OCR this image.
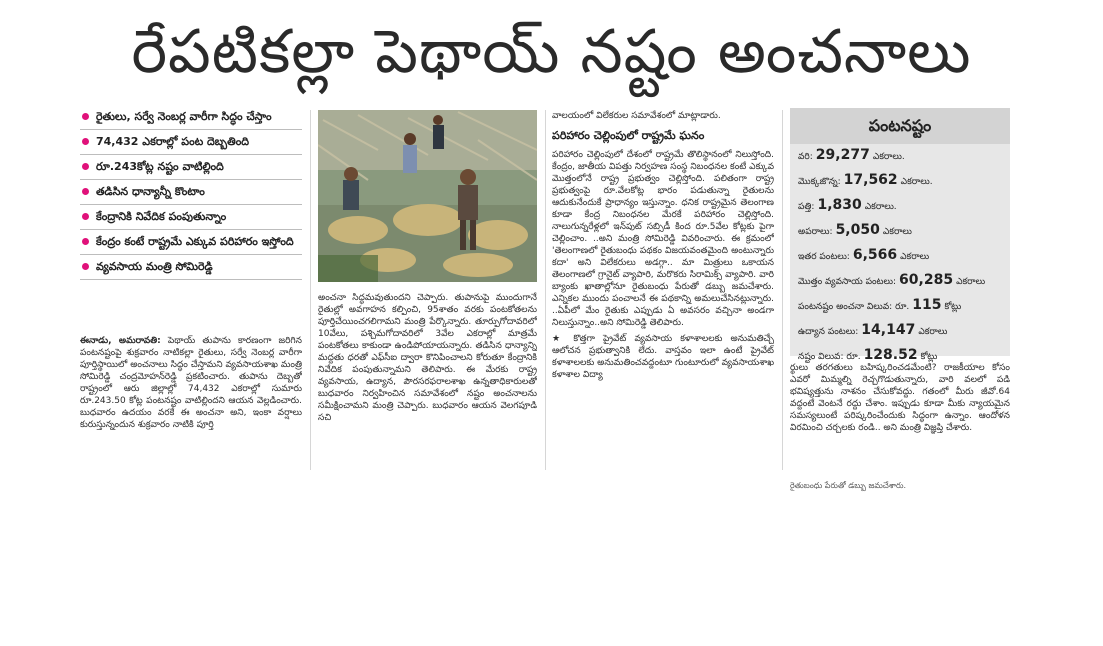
రేపటికల్లా పెథాయ్ నష్టం అంచనాలు
రైతులు, సర్వే నెంబర్ల వారీగా సిద్ధం చేస్తాం
74,432 ఎకరాల్లో పంట దెబ్బతింది
రూ.243కోట్ల నష్టం వాటిల్లింది
తడిసిన ధాన్యాన్నీ కొంటాం
కేంద్రానికి నివేదిక పంపుతున్నాం
కేంద్రం కంటే రాష్ట్రమే ఎక్కువ పరిహారం ఇస్తోంది
వ్యవసాయ మంత్రి సోమిరెడ్డి
ఈనాడు, అమరావతి: పెథాయ్ తుపాను కారణంగా జరిగిన పంటనష్టంపై శుక్రవారం నాటికల్లా రైతులు, సర్వే నెంబర్ల వారీగా పూర్తిస్థాయిలో అంచనాలు సిద్ధం చేస్తామని వ్యవసాయశాఖ మంత్రి సోమిరెడ్డి చంద్రమోహన్‌రెడ్డి ప్రకటించారు. తుపాను దెబ్బతో రాష్ట్రంలో ఆరు జిల్లాల్లో 74,432 ఎకరాల్లో సుమారు రూ.243.50 కోట్ల పంటనష్టం వాటిల్లిందని ఆయన వెల్లడించారు. బుధవారం ఉదయం వరకే ఈ అంచనా అని, ఇంకా వర్షాలు కురుస్తున్నందున శుక్రవారం నాటికి పూర్తి
అంచనా సిద్ధమవుతుందని చెప్పారు. తుపానుపై ముందుగానే రైతుల్లో అవగాహన కల్పించి, 95శాతం వరకు పంటకోతలను పూర్తిచేయించగలిగామని మంత్రి పేర్కొన్నారు. తూర్పుగోదావరిలో 10వేలు, పశ్చిమగోదావరిలో 3వేల ఎకరాల్లో మాత్రమే పంటకోతలు కాకుండా ఉండిపోయాయన్నారు. తడిసిన ధాన్యాన్ని మద్దతు ధరతో ఎఫ్‌సీఐ ద్వారా కొనిపించాలని కోరుతూ కేంద్రానికి నివేదిక పంపుతున్నామని తెలిపారు. ఈ మేరకు రాష్ట్ర వ్యవసాయ, ఉద్యాన, పౌరసరఫరాలశాఖ ఉన్నతాధికారులతో బుధవారం నిర్వహించిన సమావేశంలో నష్టం అంచనాలను సమీక్షించామని మంత్రి చెప్పారు. బుధవారం ఆయన వెలగపూడి సచి
వాలయంలో విలేకరుల సమావేశంలో మాట్లాడారు.
పరిహారం చెల్లింపులో రాష్ట్రమే ఘనం
పరిహారం చెల్లింపులో దేశంలో రాష్ట్రమే తొలిస్థానంలో నిలుస్తోంది. కేంద్రం, జాతీయ విపత్తు నిర్వహణ సంస్థ నిబంధనల కంటే ఎక్కువ మొత్తంలోనే రాష్ట్ర ప్రభుత్వం చెల్లిస్తోంది. పలితంగా రాష్ట్ర ప్రభుత్వంపై రూ.వేలకోట్ల భారం పడుతున్నా రైతులను ఆదుకునేందుకే ప్రాధాన్యం ఇస్తున్నాం. ధనిక రాష్ట్రమైన తెలంగాణ కూడా కేంద్ర నిబంధనల మేరకే పరిహారం చెల్లిస్తోంది. నాలుగున్నరేళ్లలో ఇన్‌పుట్ సబ్సిడీ కింద రూ.5వేల కోట్లకు పైగా చెల్లించాం. ..అని మంత్రి సోమిరెడ్డి వివరించారు. ఈ క్రమంలో 'తెలంగాణలో రైతుబంధు పథకం విజయవంతమైంది అంటున్నారు కదా' అని విలేకరులు అడగ్గా.. మా మిత్రులు ఒకాయన తెలంగాణలో గ్రానైట్ వ్యాపారి, మరొకరు సిరామిక్స్ వ్యాపారి. వారి బ్యాంకు ఖాతాల్లోనూ రైతుబంధు పేరుతో డబ్బు జమచేశారు. ఎన్నికల ముందు పంచాలనే ఈ పథకాన్ని అమలుచేసినట్లున్నారు. ..ఏపీలో మేం రైతుకు ఎప్పుడు ఏ అవసరం వచ్చినా అండగా నిలుస్తున్నాం..అని సోమిరెడ్డి తెలిపారు.
★ కొత్తగా ప్రైవేట్ వ్యవసాయ కళాశాలలకు అనుమతిచ్చే ఆలోచన ప్రభుత్వానికి లేదు. వాస్తవం ఇలా ఉంటే ప్రైవేట్ కళాశాలలకు అనుమతించవద్దంటూ గుంటూరులో వ్యవసాయశాఖ కళాశాల విద్యా
పంటనష్టం
వరి: 29,277 ఎకరాలు.
మొక్కజొన్న: 17,562 ఎకరాలు.
పత్తి: 1,830 ఎకరాలు.
అపరాలు: 5,050 ఎకరాలు
ఇతర పంటలు: 6,566 ఎకరాలు
మొత్తం వ్యవసాయ పంటలు: 60,285 ఎకరాలు
పంటనష్టం అంచనా విలువ: రూ. 115 కోట్లు
ఉద్యాన పంటలు: 14,147 ఎకరాలు
నష్టం విలువ: రూ. 128.52 కోట్లు
ర్థులు తరగతులు బహిష్కరించడమేంటి? రాజకీయాల కోసం ఎవరో మిమ్మల్ని రెచ్చగొడుతున్నారు, వారి వలలో పడి భవిష్యత్తును నాశనం చేసుకోవద్దు. గతంలో మీరు జీవో.64 వద్దంటే వెంటనే రద్దు చేశాం. ఇప్పుడు కూడా మీకు న్యాయమైన సమస్యలుంటే పరిష్కరించేందుకు సిద్ధంగా ఉన్నాం. ఆందోళన విరమించి చర్చలకు రండి.. అని మంత్రి విజ్ఞప్తి చేశారు.
రైతుబంధు పేరుతో డబ్బు జమచేశారు.
